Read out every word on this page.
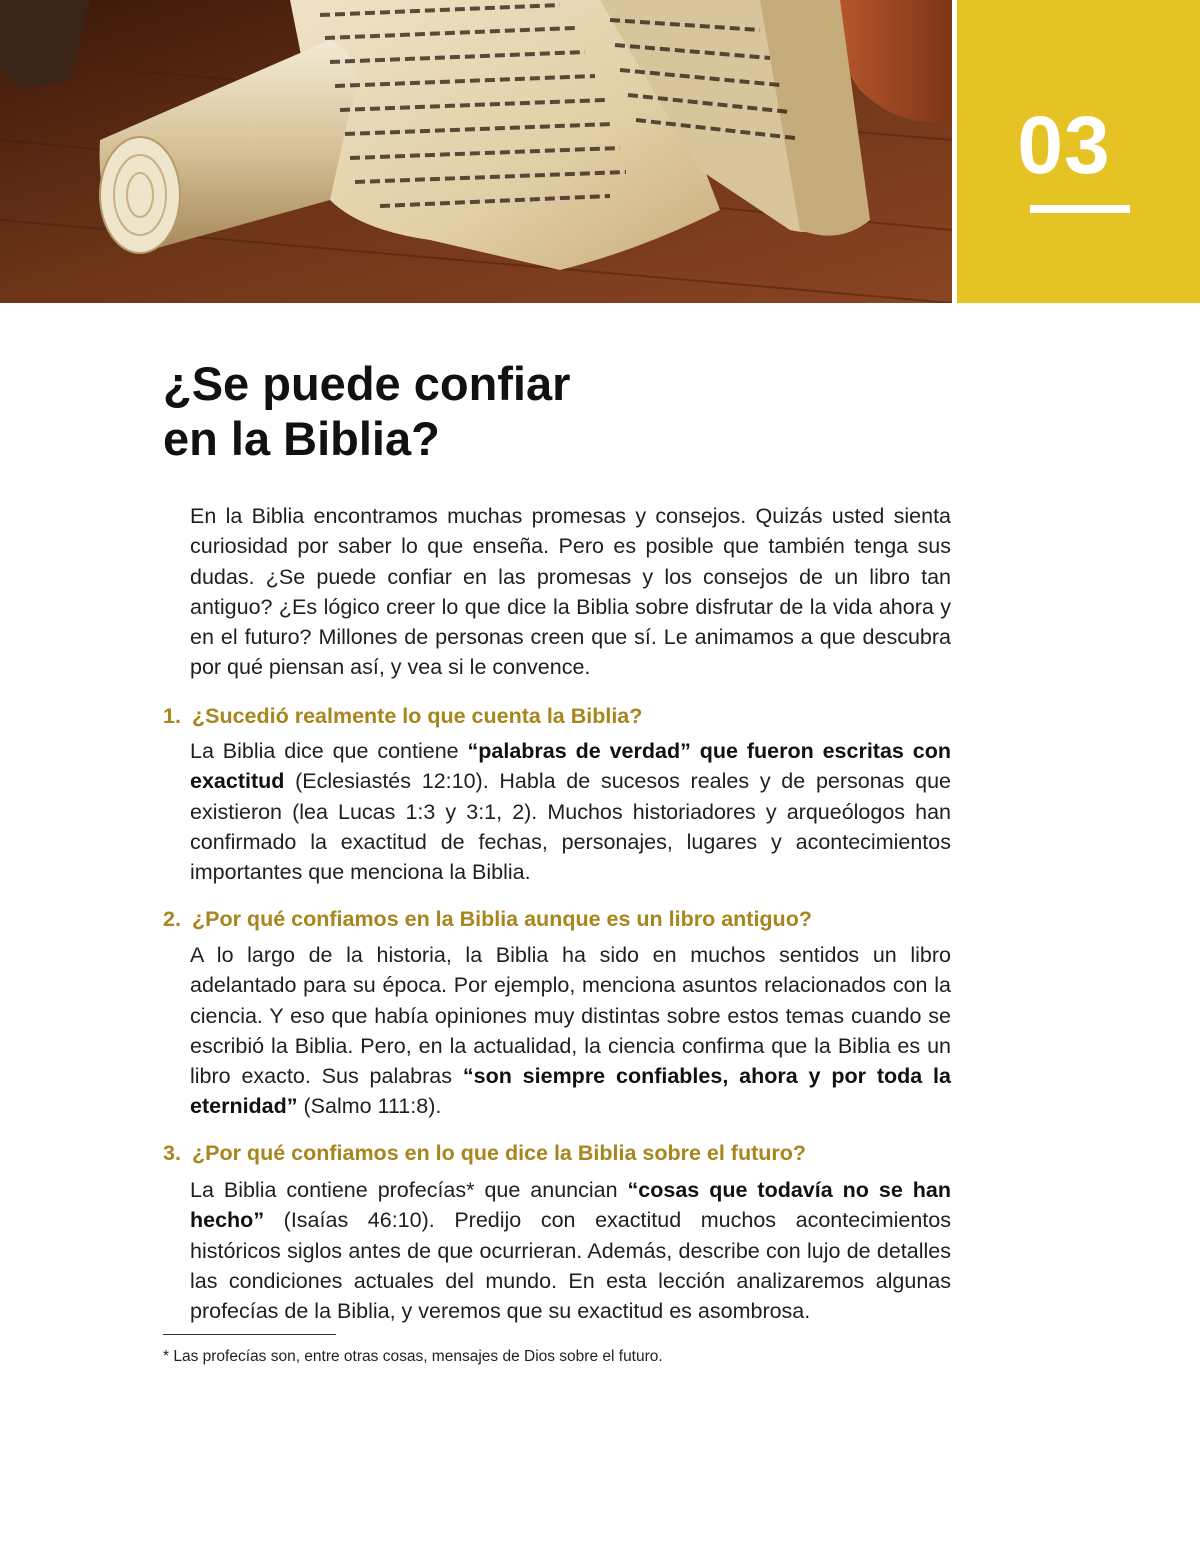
03
¿Se puede confiar
en la Biblia?

En la Biblia encontramos muchas promesas y consejos. Quizás usted sienta curiosidad por saber lo que enseña. Pero es posible que también tenga sus dudas. ¿Se puede confiar en las promesas y los consejos de un libro tan antiguo? ¿Es lógico creer lo que dice la Biblia sobre disfrutar de la vida ahora y en el futuro? Millones de personas creen que sí. Le animamos a que descubra por qué piensan así, y vea si le convence.

1. ¿Sucedió realmente lo que cuenta la Biblia?

La Biblia dice que contiene “palabras de verdad” que fueron escritas con exactitud (Eclesiastés 12:10). Habla de sucesos reales y de personas que existieron (lea Lucas 1:3 y 3:1, 2). Muchos historiadores y arqueólogos han confirmado la exactitud de fechas, personajes, lugares y acontecimientos importantes que menciona la Biblia.

2. ¿Por qué confiamos en la Biblia aunque es un libro antiguo?

A lo largo de la historia, la Biblia ha sido en muchos sentidos un libro adelantado para su época. Por ejemplo, menciona asuntos relacionados con la ciencia. Y eso que había opiniones muy distintas sobre estos temas cuando se escribió la Biblia. Pero, en la actualidad, la ciencia confirma que la Biblia es un libro exacto. Sus palabras “son siempre confiables, ahora y por toda la eternidad” (Salmo 111:8).

3. ¿Por qué confiamos en lo que dice la Biblia sobre el futuro?

La Biblia contiene profecías* que anuncian “cosas que todavía no se han hecho” (Isaías 46:10). Predijo con exactitud muchos acontecimientos históricos siglos antes de que ocurrieran. Además, describe con lujo de detalles las condiciones actuales del mundo. En esta lección analizaremos algunas profecías de la Biblia, y veremos que su exactitud es asombrosa.

* Las profecías son, entre otras cosas, mensajes de Dios sobre el futuro.
